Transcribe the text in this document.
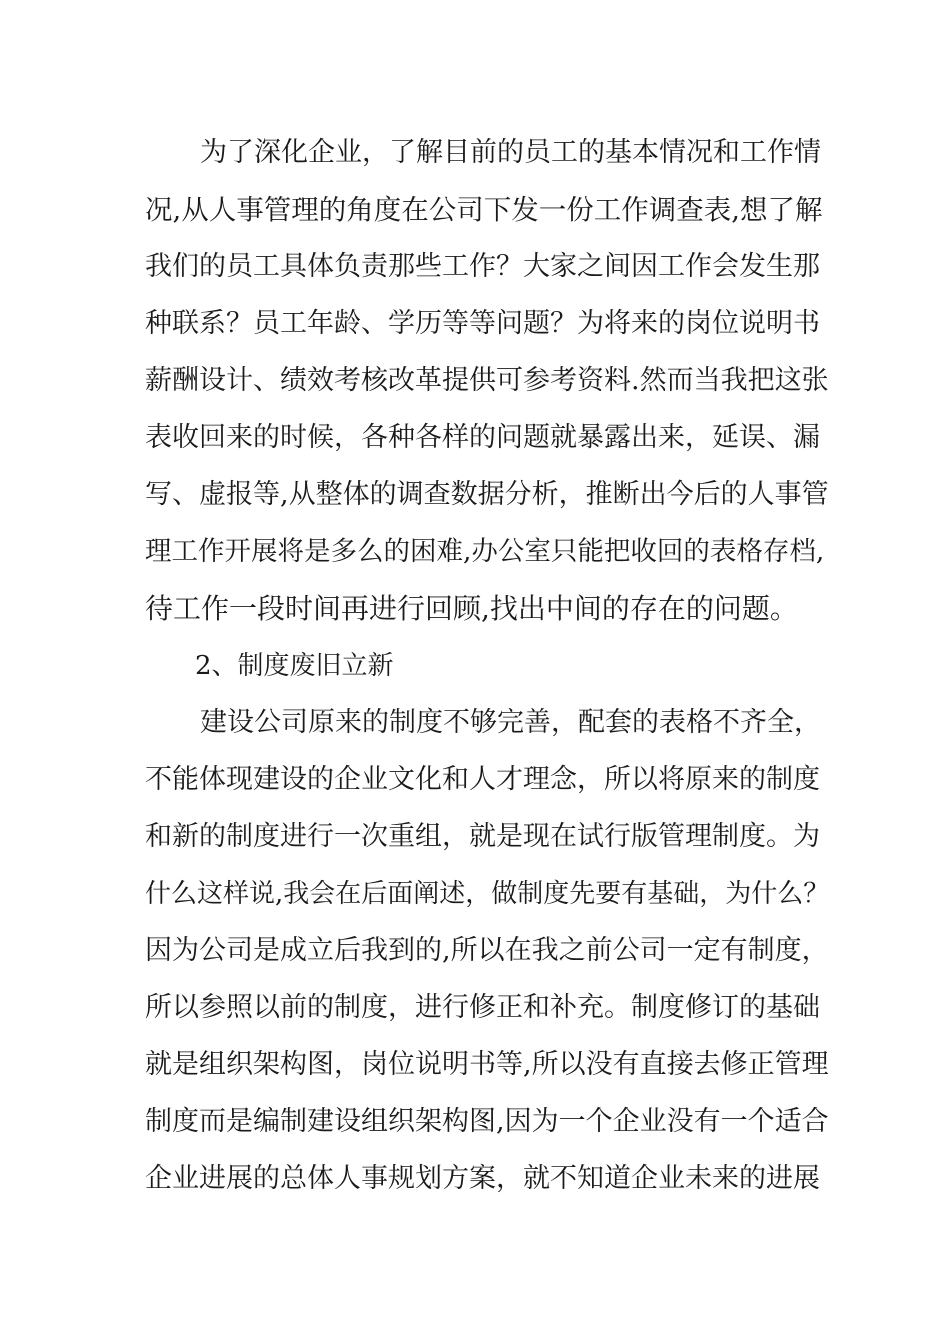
为了深化企业，了解目前的员工的基本情况和工作情
况,从人事管理的角度在公司下发一份工作调查表,想了解
我们的员工具体负责那些工作？大家之间因工作会发生那
种联系？员工年龄、学历等等问题？为将来的岗位说明书
薪酬设计、绩效考核改革提供可参考资料.然而当我把这张
表收回来的时候，各种各样的问题就暴露出来，延误、漏
写、虚报等,从整体的调查数据分析，推断出今后的人事管
理工作开展将是多么的困难,办公室只能把收回的表格存档,
待工作一段时间再进行回顾,找出中间的存在的问题。
2、制度废旧立新
建设公司原来的制度不够完善，配套的表格不齐全，
不能体现建设的企业文化和人才理念，所以将原来的制度
和新的制度进行一次重组，就是现在试行版管理制度。为
什么这样说,我会在后面阐述，做制度先要有基础，为什么？
因为公司是成立后我到的,所以在我之前公司一定有制度，
所以参照以前的制度，进行修正和补充。制度修订的基础
就是组织架构图，岗位说明书等,所以没有直接去修正管理
制度而是编制建设组织架构图,因为一个企业没有一个适合
企业进展的总体人事规划方案，就不知道企业未来的进展
